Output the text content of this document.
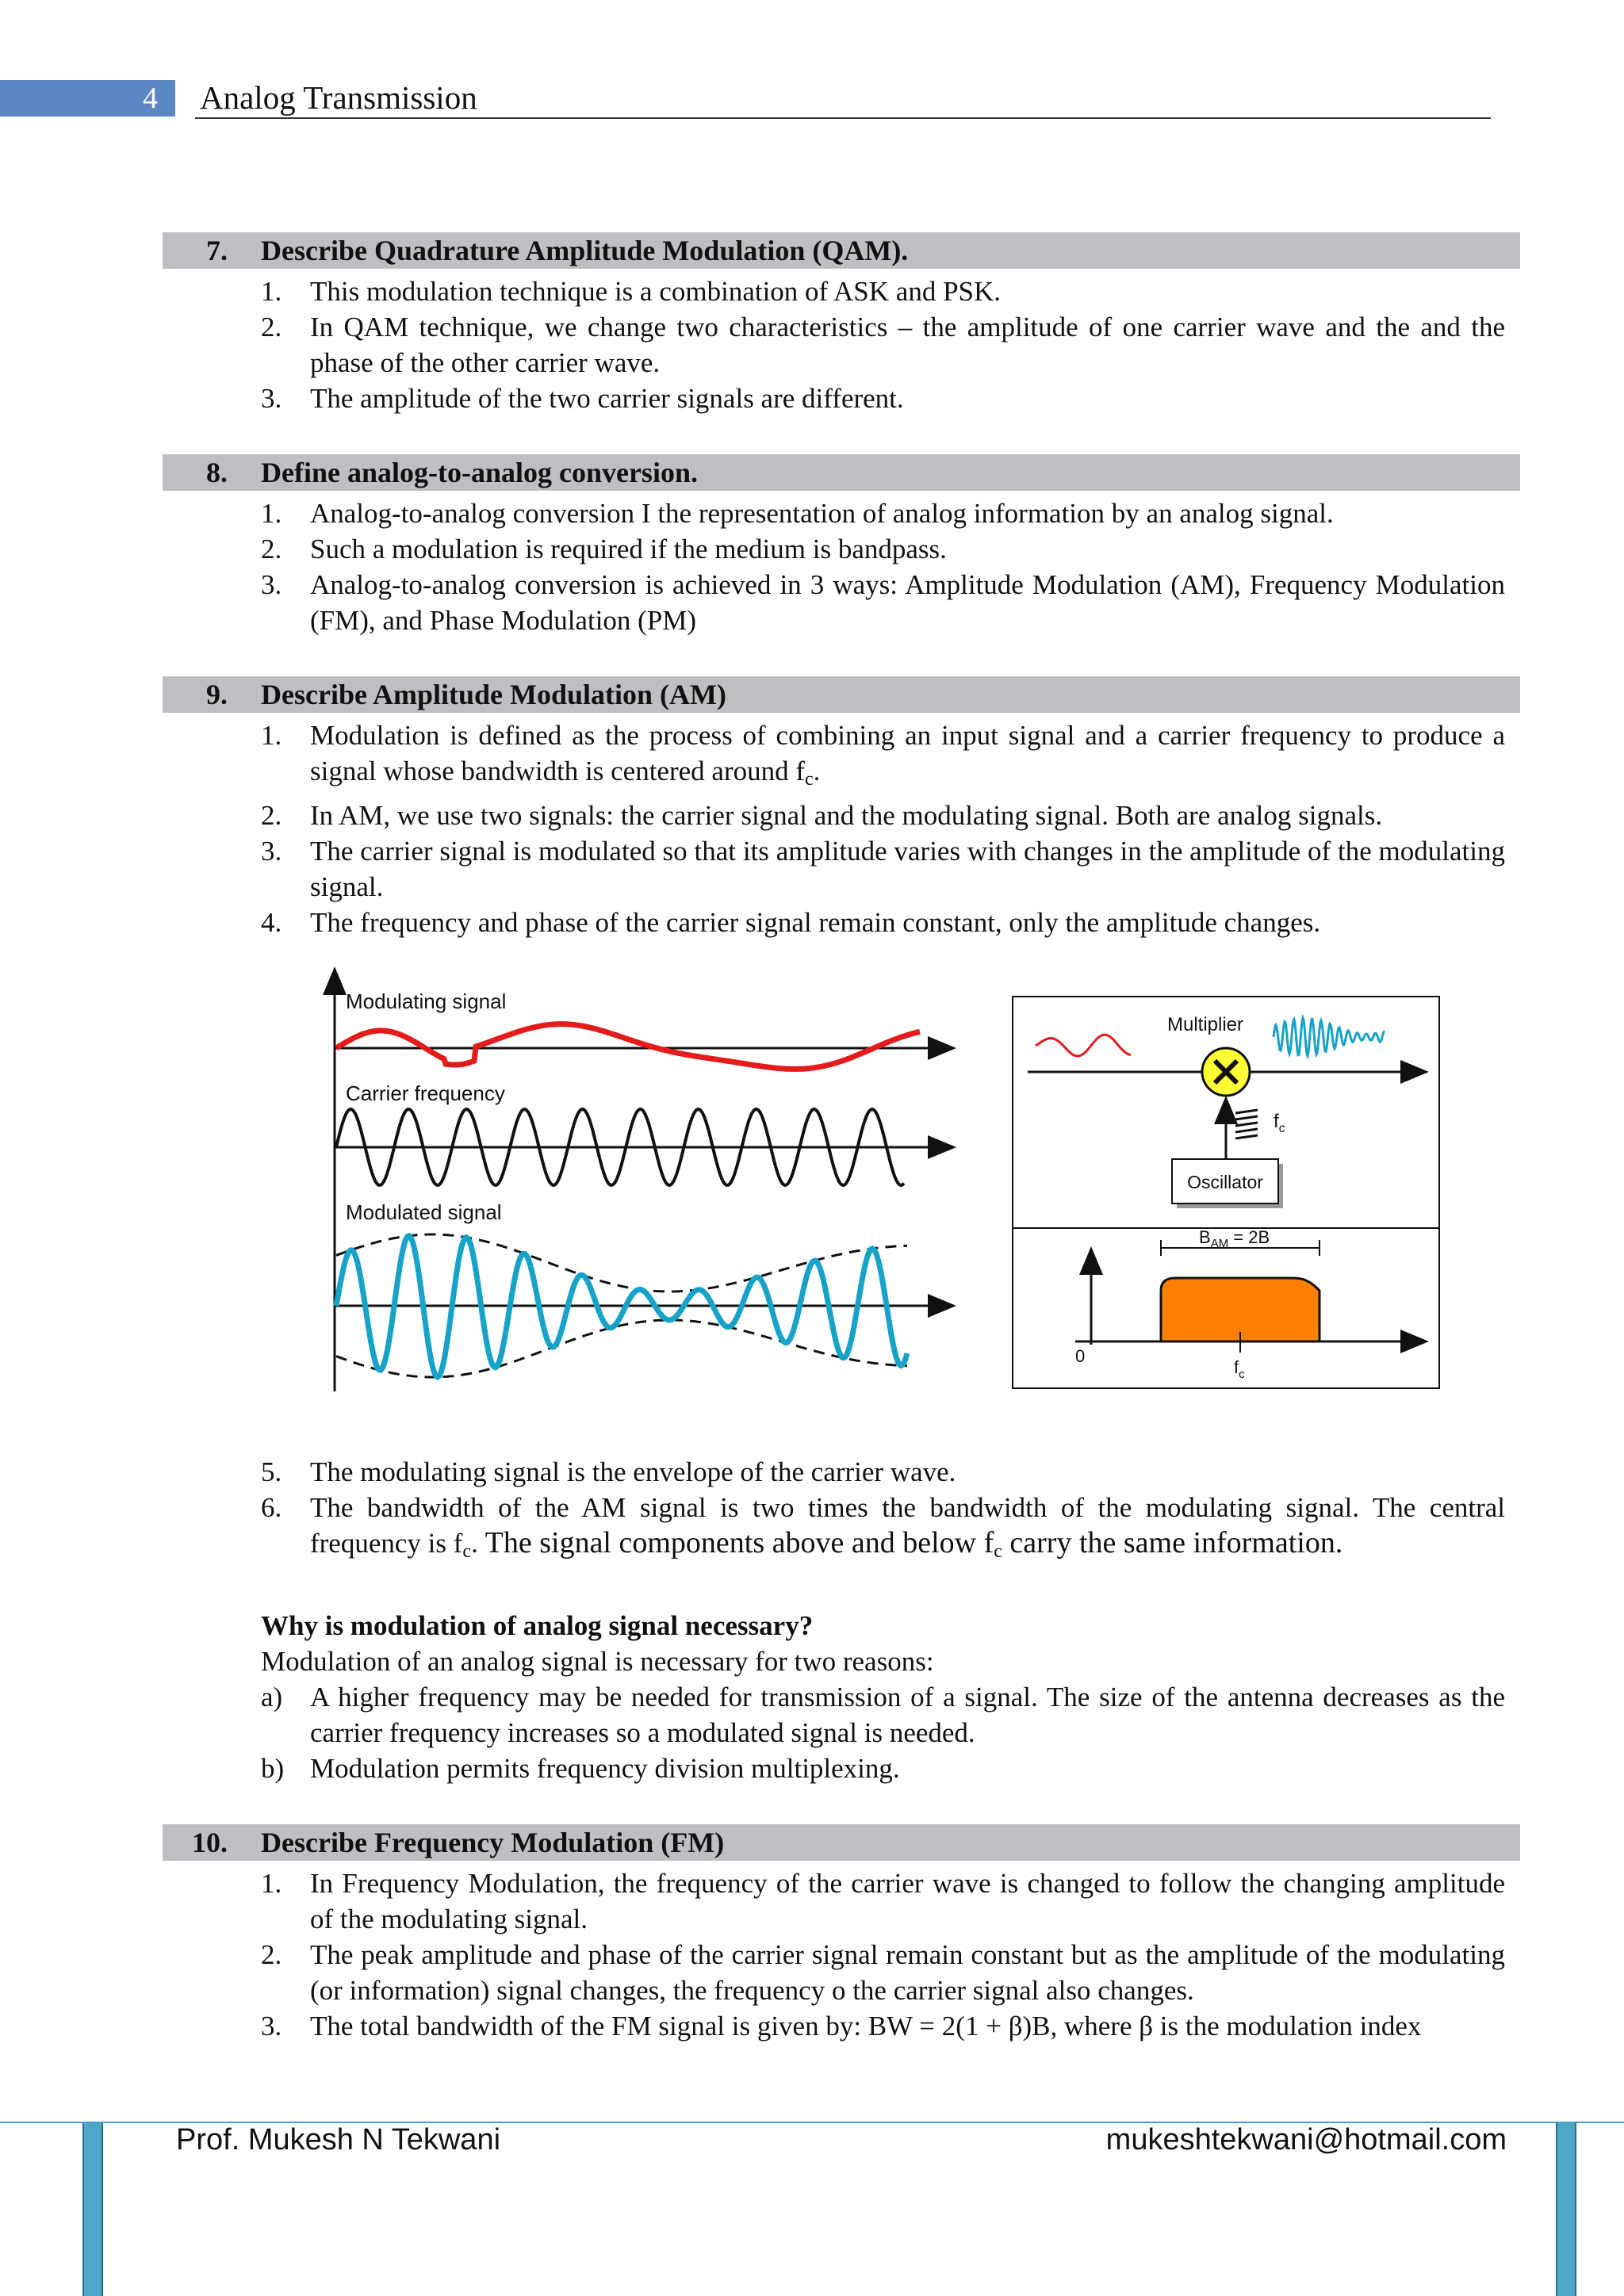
4	Analog Transmission
7. Describe Quadrature Amplitude Modulation (QAM).
1. This modulation technique is a combination of ASK and PSK.
2. In QAM technique, we change two characteristics – the amplitude of one carrier wave and the and the phase of the other carrier wave.
3. The amplitude of the two carrier signals are different.
8. Define analog-to-analog conversion.
1. Analog-to-analog conversion I the representation of analog information by an analog signal.
2. Such a modulation is required if the medium is bandpass.
3. Analog-to-analog conversion is achieved in 3 ways: Amplitude Modulation (AM), Frequency Modulation (FM), and Phase Modulation (PM)
9. Describe Amplitude Modulation (AM)
1. Modulation is defined as the process of combining an input signal and a carrier frequency to produce a signal whose bandwidth is centered around $f_c$.
2. In AM, we use two signals: the carrier signal and the modulating signal. Both are analog signals.
3. The carrier signal is modulated so that its amplitude varies with changes in the amplitude of the modulating signal.
4. The frequency and phase of the carrier signal remain constant, only the amplitude changes.
5. The modulating signal is the envelope of the carrier wave.
6. The bandwidth of the AM signal is two times the bandwidth of the modulating signal. The central frequency is $f_c$. The signal components above and below $f_c$ carry the same information.
Why is modulation of analog signal necessary?
Modulation of an analog signal is necessary for two reasons:
a) A higher frequency may be needed for transmission of a signal. The size of the antenna decreases as the carrier frequency increases so a modulated signal is needed.
b) Modulation permits frequency division multiplexing.
10. Describe Frequency Modulation (FM)
1. In Frequency Modulation, the frequency of the carrier wave is changed to follow the changing amplitude of the modulating signal.
2. The peak amplitude and phase of the carrier signal remain constant but as the amplitude of the modulating (or information) signal changes, the frequency o the carrier signal also changes.
3. The total bandwidth of the FM signal is given by: BW = 2(1 + β)B, where β is the modulation index
Modulating signal
Carrier frequency
Modulated signal
Multiplier
$f_c$
Oscillator
0
$B_{AM} = 2B$
$f_c$
Prof. Mukesh N Tekwani	mukeshtekwani@hotmail.com
